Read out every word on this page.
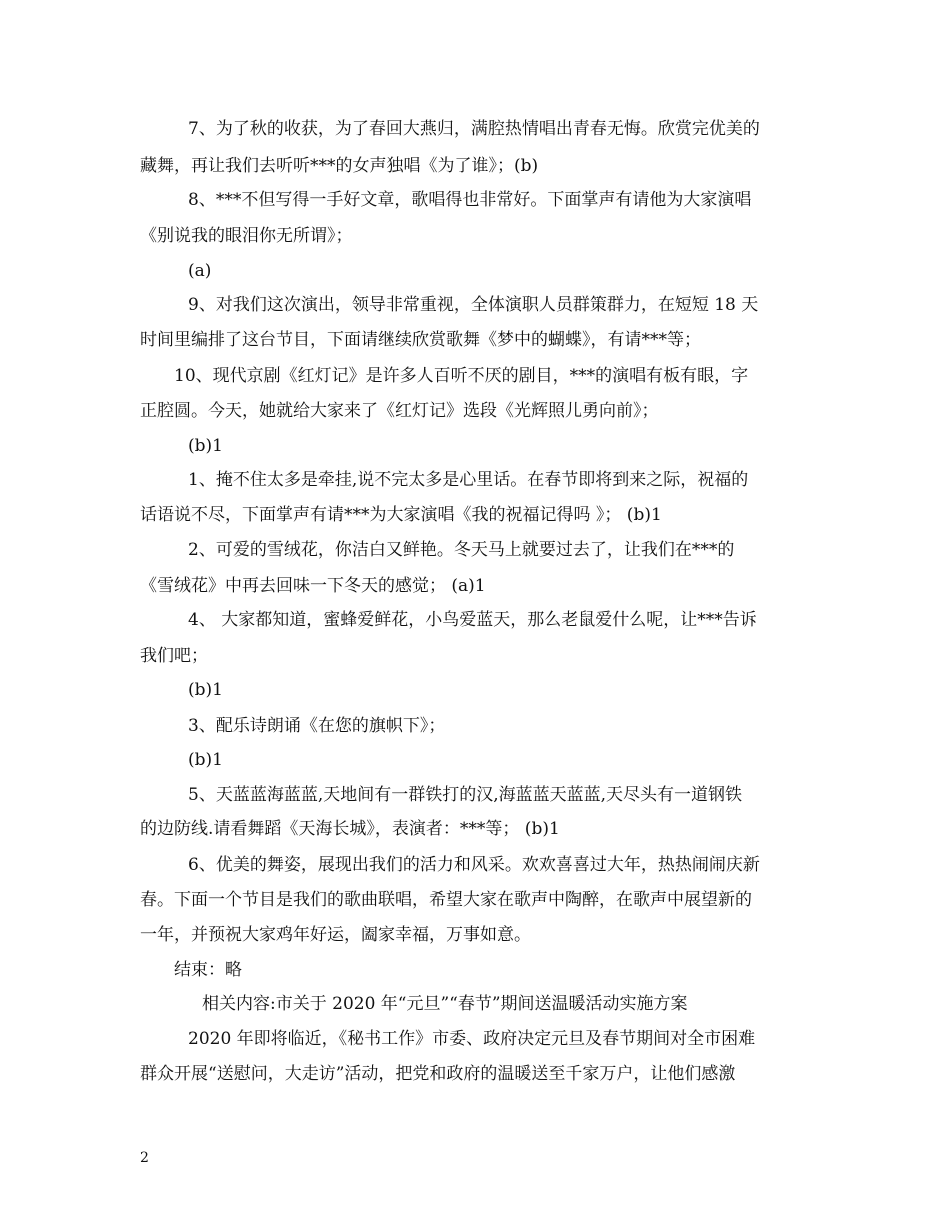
7、为了秋的收获，为了春回大燕归，满腔热情唱出青春无悔。欣赏完优美的
藏舞，再让我们去听听***的女声独唱《为了谁》；(b)
8、***不但写得一手好文章，歌唱得也非常好。下面掌声有请他为大家演唱
《别说我的眼泪你无所谓》；
(a)
9、对我们这次演出，领导非常重视，全体演职人员群策群力，在短短 18 天
时间里编排了这台节目，下面请继续欣赏歌舞《梦中的蝴蝶》，有请***等；
10、现代京剧《红灯记》是许多人百听不厌的剧目，***的演唱有板有眼，字
正腔圆。今天，她就给大家来了《红灯记》选段《光辉照儿勇向前》；
(b)1
1、掩不住太多是牵挂,说不完太多是心里话。在春节即将到来之际，祝福的
话语说不尽，下面掌声有请***为大家演唱《我的祝福记得吗 》； (b)1
2、可爱的雪绒花，你洁白又鲜艳。冬天马上就要过去了，让我们在***的
《雪绒花》中再去回味一下冬天的感觉； (a)1
4、 大家都知道，蜜蜂爱鲜花，小鸟爱蓝天，那么老鼠爱什么呢，让***告诉
我们吧；
(b)1
3、配乐诗朗诵《在您的旗帜下》；
(b)1
5、天蓝蓝海蓝蓝,天地间有一群铁打的汉,海蓝蓝天蓝蓝,天尽头有一道钢铁
的边防线.请看舞蹈《天海长城》，表演者：***等； (b)1
6、优美的舞姿，展现出我们的活力和风采。欢欢喜喜过大年，热热闹闹庆新
春。下面一个节目是我们的歌曲联唱，希望大家在歌声中陶醉，在歌声中展望新的
一年，并预祝大家鸡年好运，阖家幸福，万事如意。
结束：略
相关内容:市关于 2020 年“元旦”“春节”期间送温暖活动实施方案
2020 年即将临近，《秘书工作》市委、政府决定元旦及春节期间对全市困难
群众开展“送慰问，大走访”活动，把党和政府的温暖送至千家万户，让他们感激
2
